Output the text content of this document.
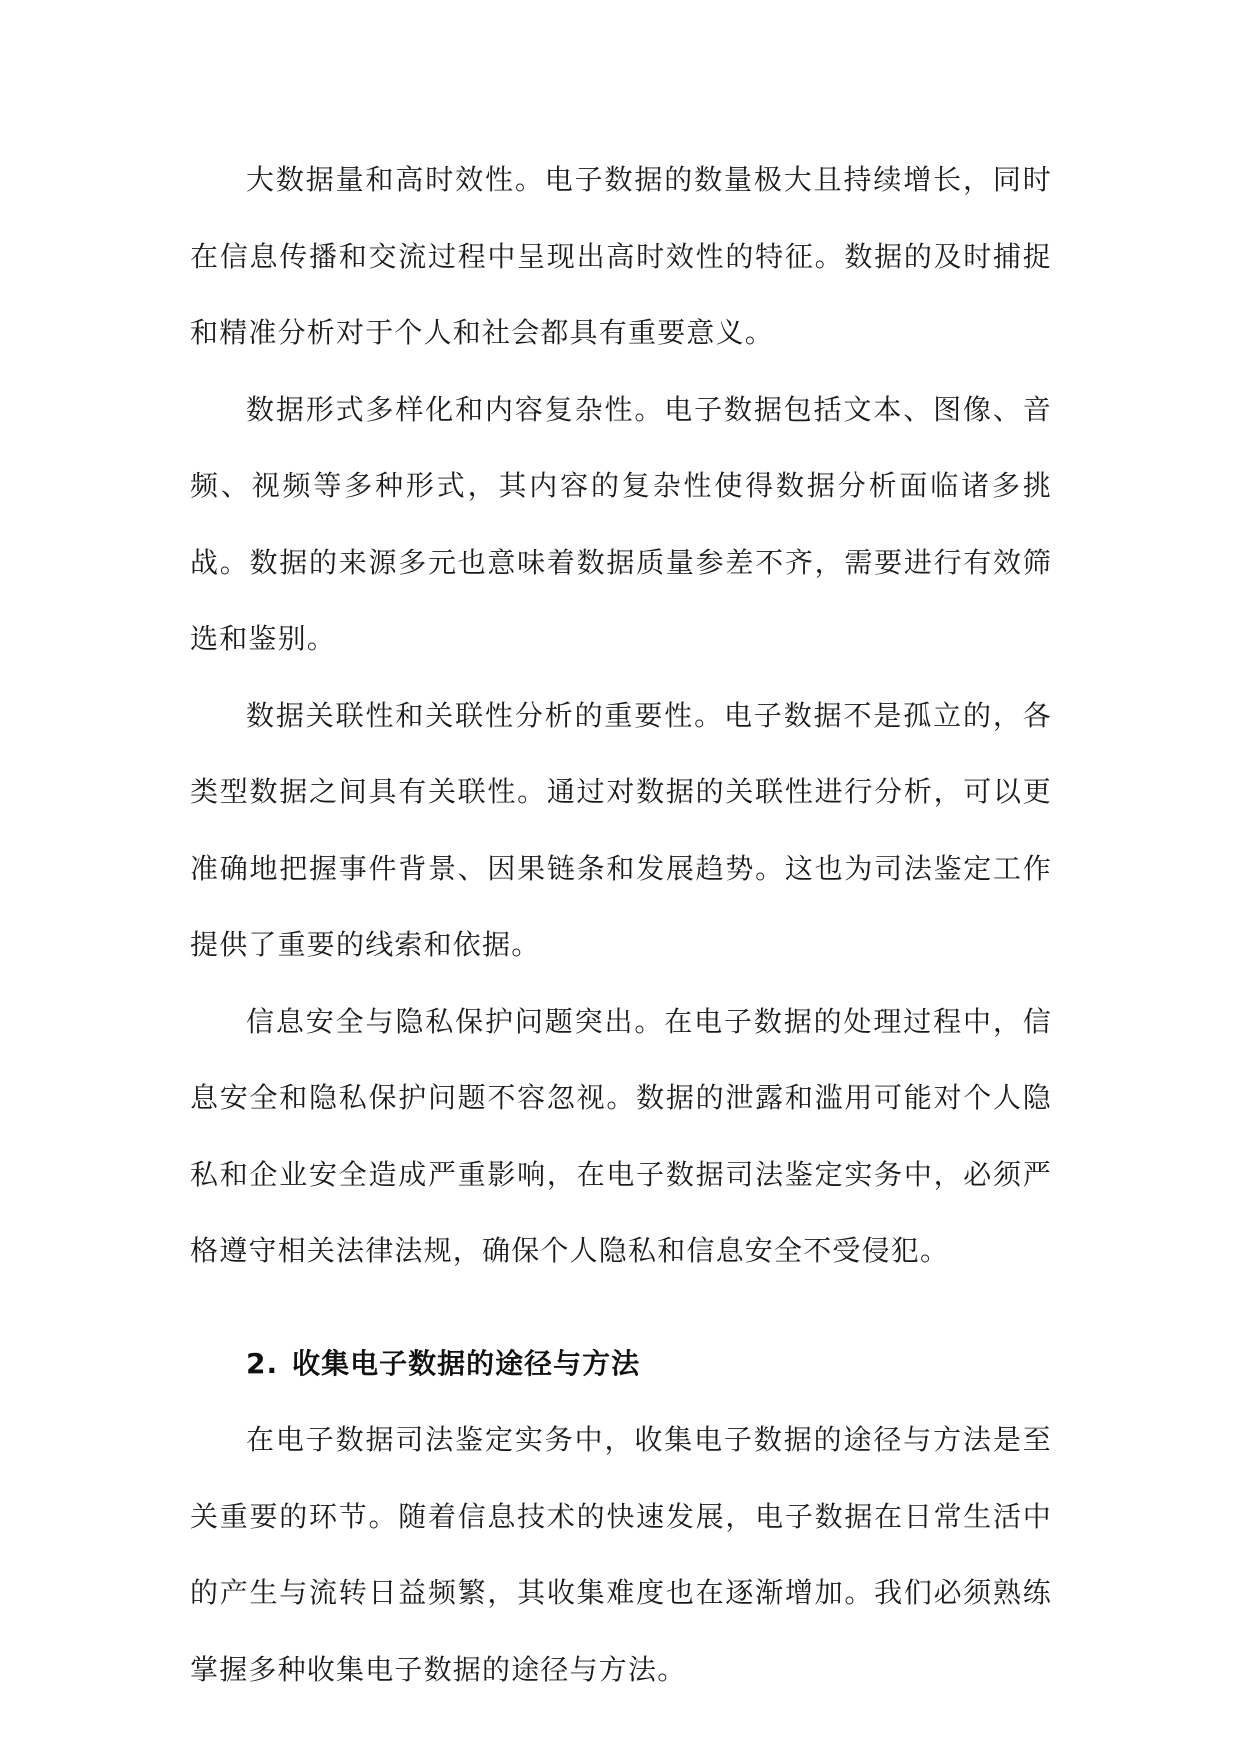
大数据量和高时效性。电子数据的数量极大且持续增长，同时在信息传播和交流过程中呈现出高时效性的特征。数据的及时捕捉和精准分析对于个人和社会都具有重要意义。

数据形式多样化和内容复杂性。电子数据包括文本、图像、音频、视频等多种形式，其内容的复杂性使得数据分析面临诸多挑战。数据的来源多元也意味着数据质量参差不齐，需要进行有效筛选和鉴别。

数据关联性和关联性分析的重要性。电子数据不是孤立的，各类型数据之间具有关联性。通过对数据的关联性进行分析，可以更准确地把握事件背景、因果链条和发展趋势。这也为司法鉴定工作提供了重要的线索和依据。

信息安全与隐私保护问题突出。在电子数据的处理过程中，信息安全和隐私保护问题不容忽视。数据的泄露和滥用可能对个人隐私和企业安全造成严重影响，在电子数据司法鉴定实务中，必须严格遵守相关法律法规，确保个人隐私和信息安全不受侵犯。

2. 收集电子数据的途径与方法

在电子数据司法鉴定实务中，收集电子数据的途径与方法是至关重要的环节。随着信息技术的快速发展，电子数据在日常生活中的产生与流转日益频繁，其收集难度也在逐渐增加。我们必须熟练掌握多种收集电子数据的途径与方法。
